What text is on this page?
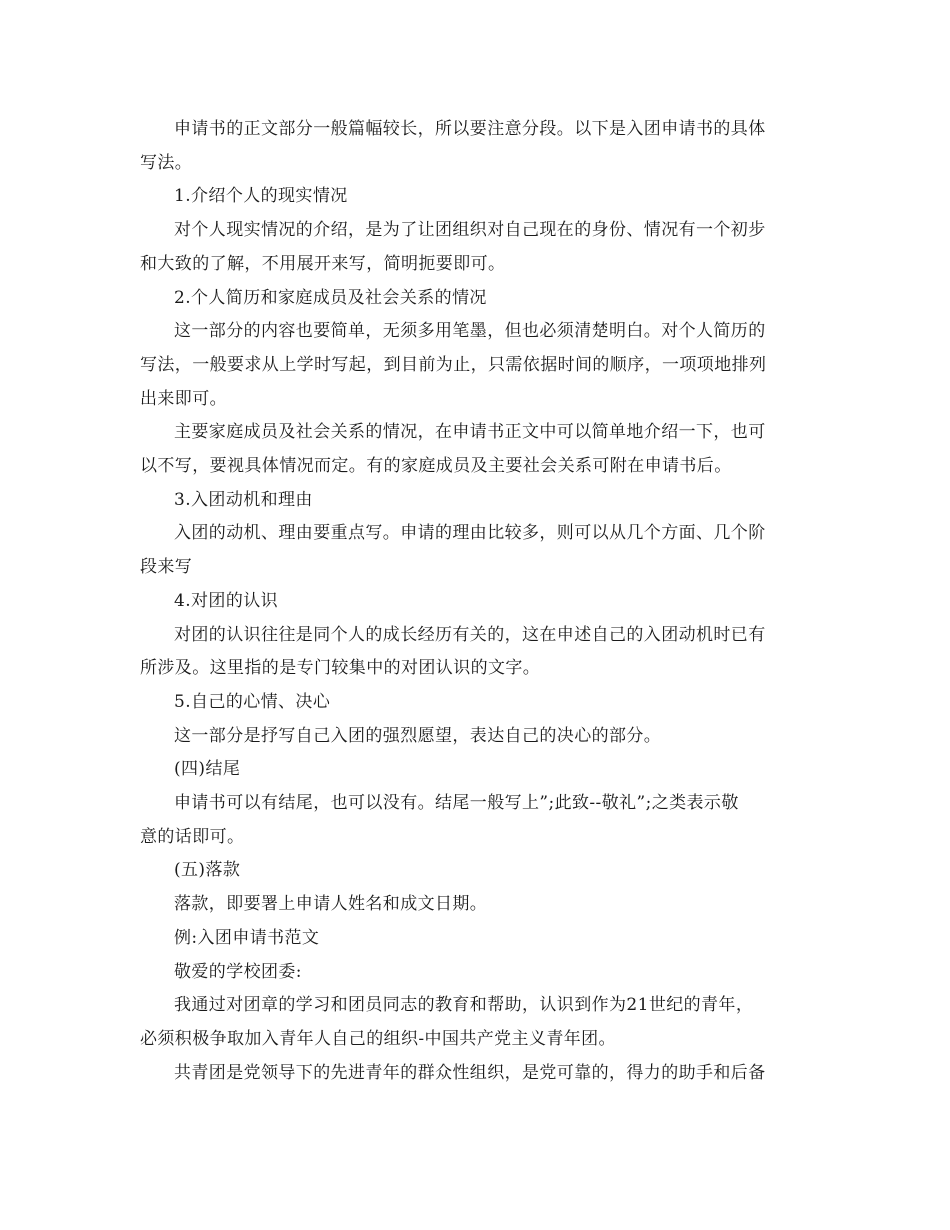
申请书的正文部分一般篇幅较长，所以要注意分段。以下是入团申请书的具体
写法。

1.介绍个人的现实情况

对个人现实情况的介绍，是为了让团组织对自己现在的身份、情况有一个初步
和大致的了解，不用展开来写，简明扼要即可。

2.个人简历和家庭成员及社会关系的情况

这一部分的内容也要简单，无须多用笔墨，但也必须清楚明白。对个人简历的
写法，一般要求从上学时写起，到目前为止，只需依据时间的顺序，一项项地排列
出来即可。

主要家庭成员及社会关系的情况，在申请书正文中可以简单地介绍一下，也可
以不写，要视具体情况而定。有的家庭成员及主要社会关系可附在申请书后。

3.入团动机和理由

入团的动机、理由要重点写。申请的理由比较多，则可以从几个方面、几个阶
段来写

4.对团的认识

对团的认识往往是同个人的成长经历有关的，这在申述自己的入团动机时已有
所涉及。这里指的是专门较集中的对团认识的文字。

5.自己的心情、决心

这一部分是抒写自己入团的强烈愿望，表达自己的决心的部分。

(四)结尾

申请书可以有结尾，也可以没有。结尾一般写上”;此致--敬礼”;之类表示敬
意的话即可。

(五)落款

落款，即要署上申请人姓名和成文日期。

例:入团申请书范文

敬爱的学校团委:

我通过对团章的学习和团员同志的教育和帮助，认识到作为21世纪的青年，
必须积极争取加入青年人自己的组织-中国共产党主义青年团。

共青团是党领导下的先进青年的群众性组织，是党可靠的，得力的助手和后备
